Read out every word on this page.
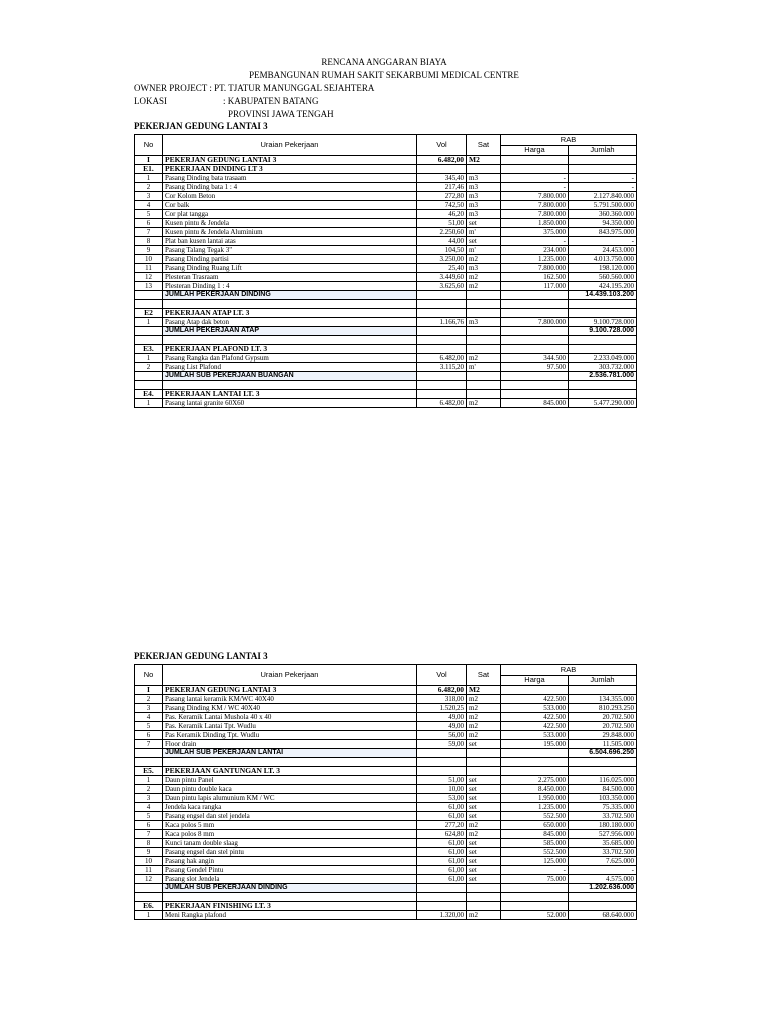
RENCANA ANGGARAN BIAYA
PEMBANGUNAN RUMAH SAKIT SEKARBUMI MEDICAL CENTRE
OWNER PROJECT : PT. TJATUR MANUNGGAL SEJAHTERA
LOKASI	: KABUPATEN BATANG
PROVINSI JAWA TENGAH
PEKERJAN GEDUNG LANTAI 3
No	Uraian Pekerjaan	Vol	Sat	RAB	
				Harga	Jumlah
I	PEKERJAN GEDUNG LANTAI 3	6.482,00	M2		
E1.	PEKERJAAN DINDING LT 3				
1	Pasang Dinding bata trasaam	345,40	m3	-	-
2	Pasang Dinding bata 1 : 4	217,46	m3	-	-
3	Cor Kolom Beton	272,80	m3	7.800.000	2.127.840.000
4	Cor balk	742,50	m3	7.800.000	5.791.500.000
5	Cor plat tangga	46,20	m3	7.800.000	360.360.000
6	Kusen pintu & Jendela	51,00	set	1.850.000	94.350.000
7	Kusen pintu & Jendela Aluminium	2.250,60	m'	375.000	843.975.000
8	Plat ban kusen lantai atas	44,00	set	-	-
9	Pasang Talang Tegak 3"	104,50	m'	234.000	24.453.000
10	Pasang Dinding partisi	3.250,00	m2	1.235.000	4.013.750.000
11	Pasang Dinding Ruang Lift	25,40	m3	7.800.000	198.120.000
12	Plesteran Trasraam	3.449,60	m2	162.500	560.560.000
13	Plesteran Dinding 1 : 4	3.625,60	m2	117.000	424.195.200
	JUMLAH PEKERJAAN DINDING				14.439.103.200

E2	PEKERJAAN ATAP LT. 3				
1	Pasang Atap dak beton	1.166,76	m3	7.800.000	9.100.728.000
	JUMLAH PEKERJAAN ATAP				9.100.728.000

E3.	PEKERJAAN PLAFOND LT. 3				
1	Pasang Rangka dan Plafond Gypsum	6.482,00	m2	344.500	2.233.049.000
2	Pasang List Plafond	3.115,20	m'	97.500	303.732.000
	JUMLAH SUB PEKERJAAN BUANGAN				2.536.781.000

E4.	PEKERJAAN LANTAI LT. 3				
1	Pasang lantai granite 60X60	6.482,00	m2	845.000	5.477.290.000
PEKERJAN GEDUNG LANTAI 3
No	Uraian Pekerjaan	Vol	Sat	RAB	
				Harga	Jumlah
I	PEKERJAN GEDUNG LANTAI 3	6.482,00	M2		
2	Pasang lantai keramik KM/WC 40X40	318,00	m2	422.500	134.355.000
3	Pasang Dinding KM / WC 40X40	1.520,25	m2	533.000	810.293.250
4	Pas. Keramik Lantai Mushola 40 x 40	49,00	m2	422.500	20.702.500
5	Pas. Keramik Lantai Tpt. Wudlu	49,00	m2	422.500	20.702.500
6	Pas Keramik Dinding Tpt. Wudlu	56,00	m2	533.000	29.848.000
7	Floor drain	59,00	set	195.000	11.505.000
	JUMLAH SUB PEKERJAAN LANTAI				6.504.696.250

E5.	PEKERJAAN GANTUNGAN LT. 3				
1	Daun pintu Panel	51,00	set	2.275.000	116.025.000
2	Daun pintu double kaca	10,00	set	8.450.000	84.500.000
3	Daun pintu lapis alumunium KM / WC	53,00	set	1.950.000	103.350.000
4	Jendela kaca rangka	61,00	set	1.235.000	75.335.000
5	Pasang engsel dan stel jendela	61,00	set	552.500	33.702.500
6	Kaca polos 5 mm	277,20	m2	650.000	180.180.000
7	Kaca polos 8 mm	624,80	m2	845.000	527.956.000
8	Kunci tanam double slaag	61,00	set	585.000	35.685.000
9	Pasang engsel dan stel pintu	61,00	set	552.500	33.702.500
10	Pasang hak angin	61,00	set	125.000	7.625.000
11	Pasang Gendel Pintu	61,00	set	-	-
12	Pasang slot Jendela	61,00	set	75.000	4.575.000
	JUMLAH SUB PEKERJAAN DINDING				1.202.636.000

E6.	PEKERJAAN FINISHING LT. 3				
1	Meni Rangka plafond	1.320,00	m2	52.000	68.640.000
